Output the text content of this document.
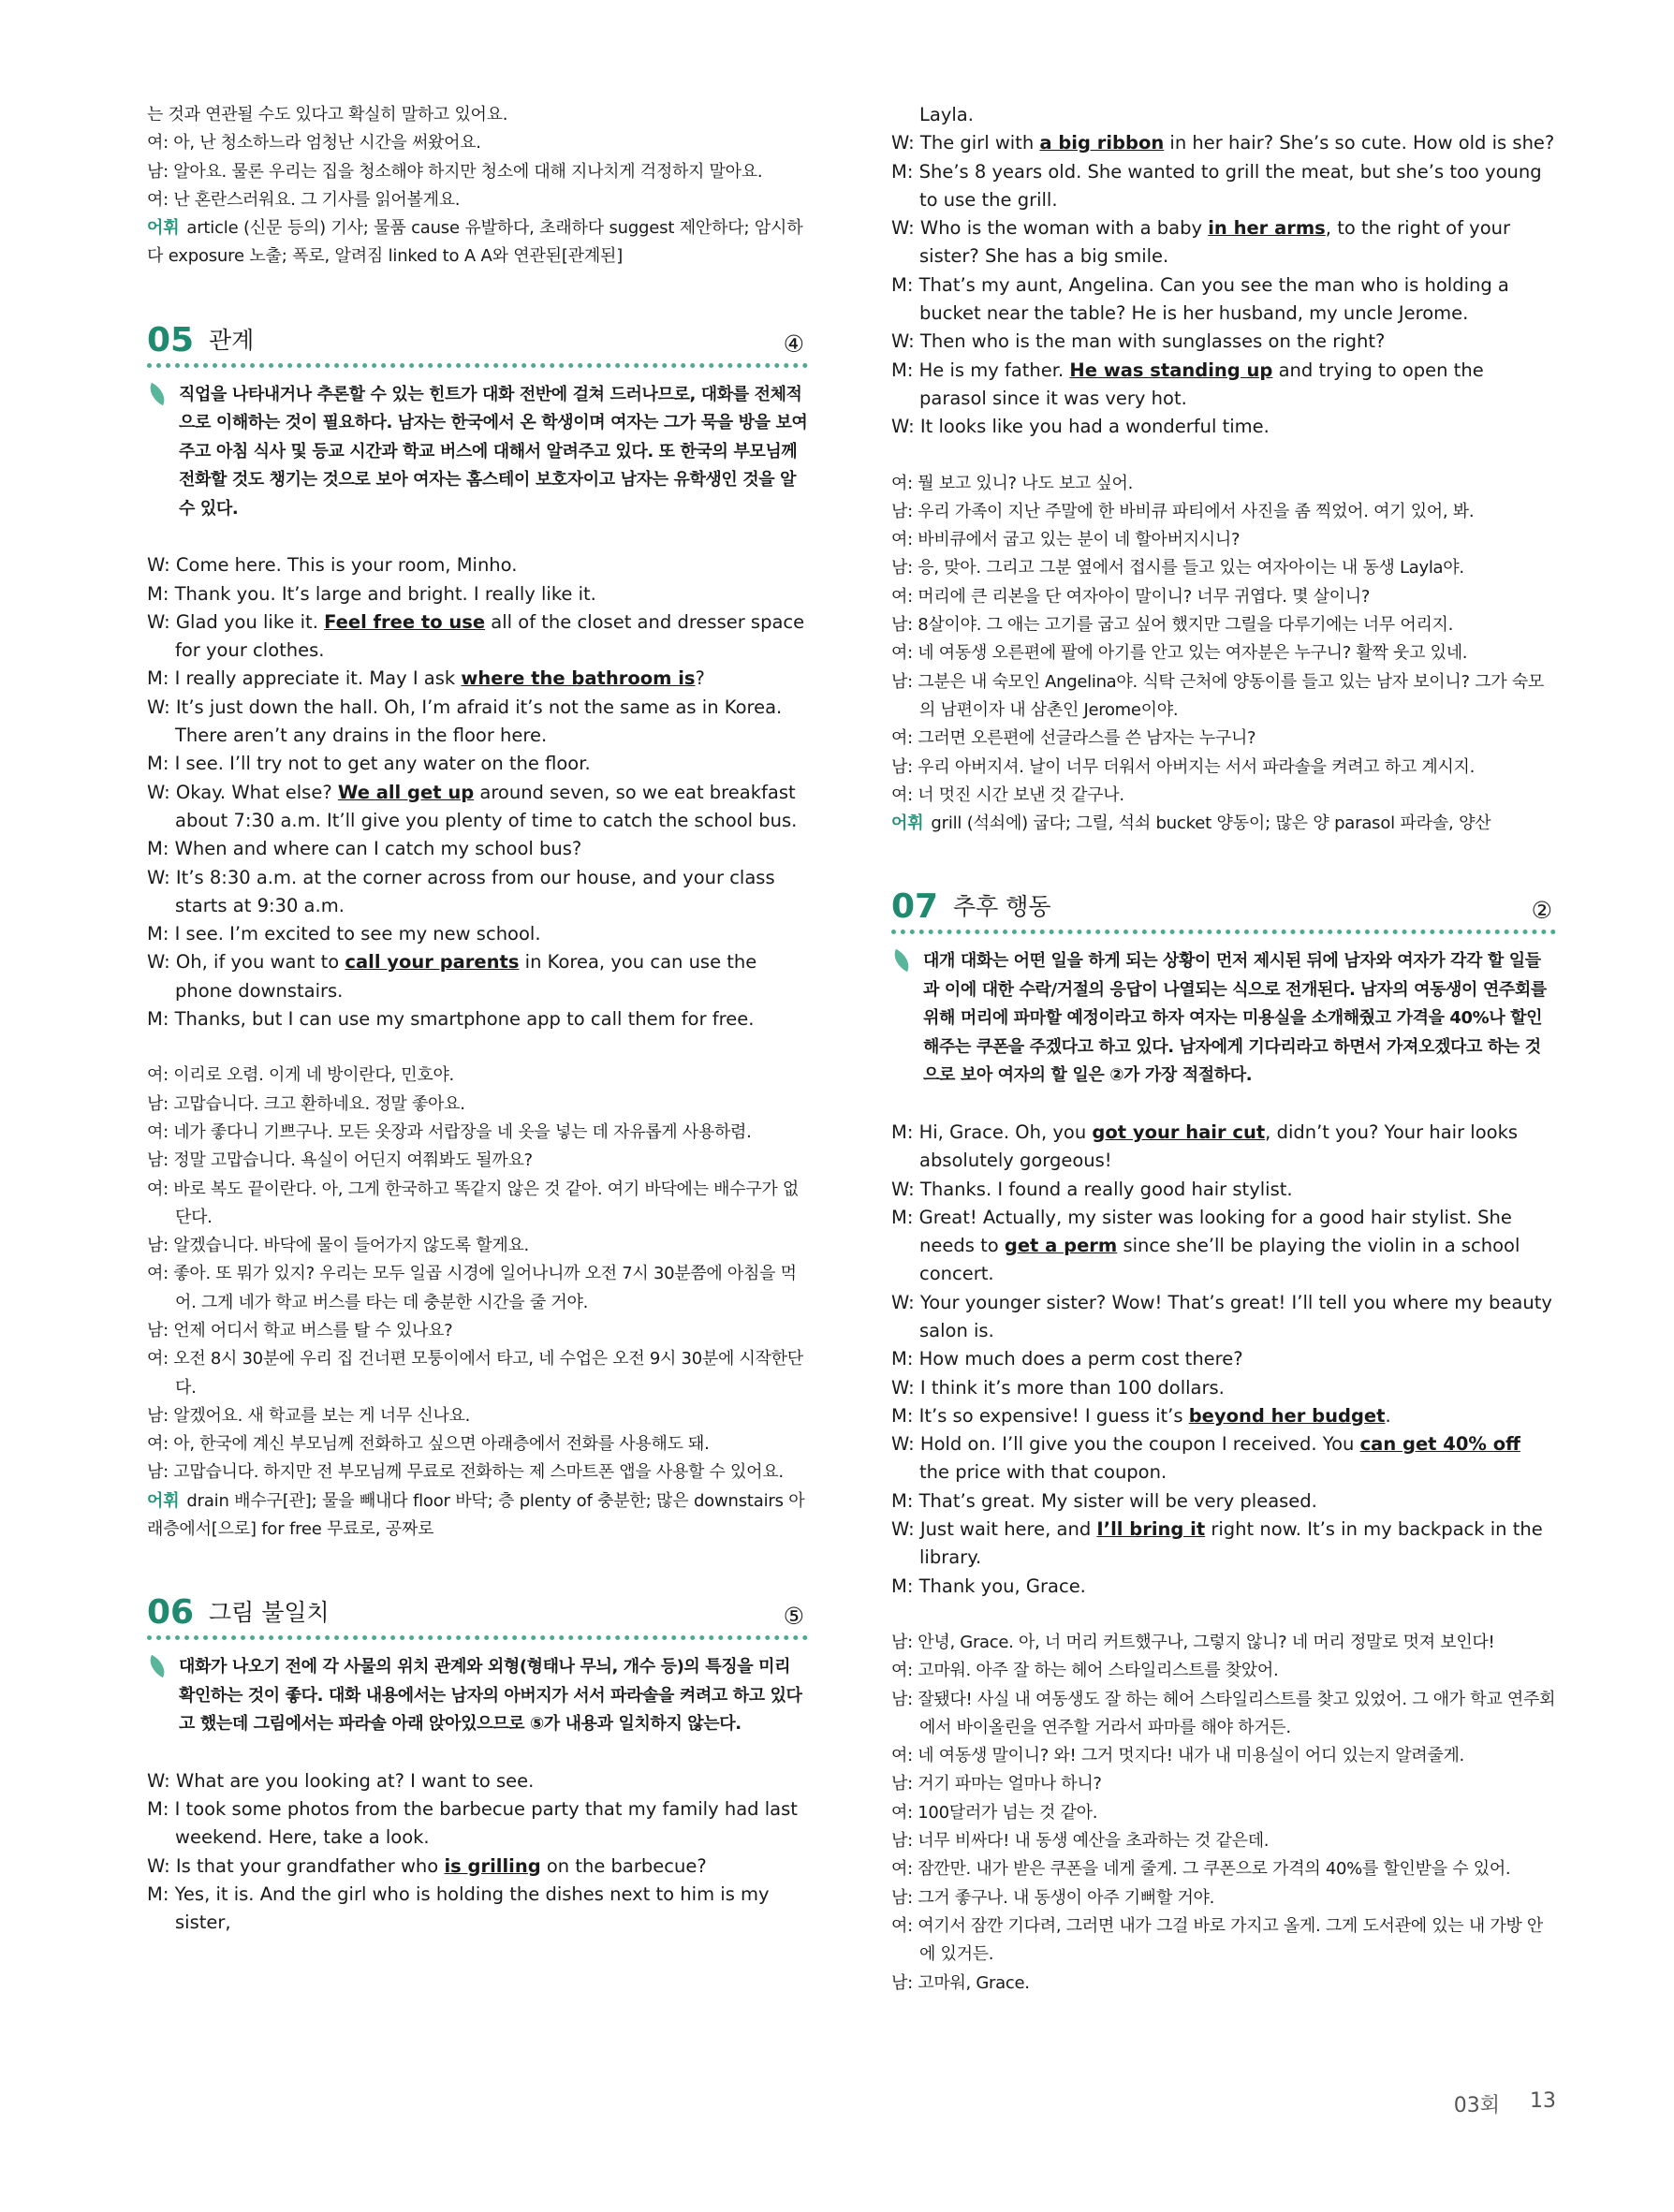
는 것과 연관될 수도 있다고 확실히 말하고 있어요.
여: 아, 난 청소하느라 엄청난 시간을 써왔어요.
남: 알아요. 물론 우리는 집을 청소해야 하지만 청소에 대해 지나치게 걱정하지 말아요.
여: 난 혼란스러워요. 그 기사를 읽어볼게요.
어휘 article (신문 등의) 기사; 물품 cause 유발하다, 초래하다 suggest 제안하다; 암시하다 exposure 노출; 폭로, 알려짐 linked to A A와 연관된[관계된]
05 관계	④
직업을 나타내거나 추론할 수 있는 힌트가 대화 전반에 걸쳐 드러나므로, 대화를 전체적으로 이해하는 것이 필요하다. 남자는 한국에서 온 학생이며 여자는 그가 묵을 방을 보여주고 아침 식사 및 등교 시간과 학교 버스에 대해서 알려주고 있다. 또 한국의 부모님께 전화할 것도 챙기는 것으로 보아 여자는 홈스테이 보호자이고 남자는 유학생인 것을 알 수 있다.
W: Come here. This is your room, Minho.
M: Thank you. It’s large and bright. I really like it.
W: Glad you like it. Feel free to use all of the closet and dresser space for your clothes.
M: I really appreciate it. May I ask where the bathroom is?
W: It’s just down the hall. Oh, I’m afraid it’s not the same as in Korea. There aren’t any drains in the floor here.
M: I see. I’ll try not to get any water on the floor.
W: Okay. What else? We all get up around seven, so we eat breakfast about 7:30 a.m. It’ll give you plenty of time to catch the school bus.
M: When and where can I catch my school bus?
W: It’s 8:30 a.m. at the corner across from our house, and your class starts at 9:30 a.m.
M: I see. I’m excited to see my new school.
W: Oh, if you want to call your parents in Korea, you can use the phone downstairs.
M: Thanks, but I can use my smartphone app to call them for free.
여: 이리로 오렴. 이게 네 방이란다, 민호야.
남: 고맙습니다. 크고 환하네요. 정말 좋아요.
여: 네가 좋다니 기쁘구나. 모든 옷장과 서랍장을 네 옷을 넣는 데 자유롭게 사용하렴.
남: 정말 고맙습니다. 욕실이 어딘지 여쭤봐도 될까요?
여: 바로 복도 끝이란다. 아, 그게 한국하고 똑같지 않은 것 같아. 여기 바닥에는 배수구가 없단다.
남: 알겠습니다. 바닥에 물이 들어가지 않도록 할게요.
여: 좋아. 또 뭐가 있지? 우리는 모두 일곱 시경에 일어나니까 오전 7시 30분쯤에 아침을 먹어. 그게 네가 학교 버스를 타는 데 충분한 시간을 줄 거야.
남: 언제 어디서 학교 버스를 탈 수 있나요?
여: 오전 8시 30분에 우리 집 건너편 모퉁이에서 타고, 네 수업은 오전 9시 30분에 시작한단다.
남: 알겠어요. 새 학교를 보는 게 너무 신나요.
여: 아, 한국에 계신 부모님께 전화하고 싶으면 아래층에서 전화를 사용해도 돼.
남: 고맙습니다. 하지만 전 부모님께 무료로 전화하는 제 스마트폰 앱을 사용할 수 있어요.
어휘 drain 배수구[관]; 물을 빼내다 floor 바닥; 층 plenty of 충분한; 많은 downstairs 아래층에서[으로] for free 무료로, 공짜로
06 그림 불일치	⑤
대화가 나오기 전에 각 사물의 위치 관계와 외형(형태나 무늬, 개수 등)의 특징을 미리 확인하는 것이 좋다. 대화 내용에서는 남자의 아버지가 서서 파라솔을 켜려고 하고 있다고 했는데 그림에서는 파라솔 아래 앉아있으므로 ⑤가 내용과 일치하지 않는다.
W: What are you looking at? I want to see.
M: I took some photos from the barbecue party that my family had last weekend. Here, take a look.
W: Is that your grandfather who is grilling on the barbecue?
M: Yes, it is. And the girl who is holding the dishes next to him is my sister,
Layla.
W: The girl with a big ribbon in her hair? She’s so cute. How old is she?
M: She’s 8 years old. She wanted to grill the meat, but she’s too young to use the grill.
W: Who is the woman with a baby in her arms, to the right of your sister? She has a big smile.
M: That’s my aunt, Angelina. Can you see the man who is holding a bucket near the table? He is her husband, my uncle Jerome.
W: Then who is the man with sunglasses on the right?
M: He is my father. He was standing up and trying to open the parasol since it was very hot.
W: It looks like you had a wonderful time.
여: 뭘 보고 있니? 나도 보고 싶어.
남: 우리 가족이 지난 주말에 한 바비큐 파티에서 사진을 좀 찍었어. 여기 있어, 봐.
여: 바비큐에서 굽고 있는 분이 네 할아버지시니?
남: 응, 맞아. 그리고 그분 옆에서 접시를 들고 있는 여자아이는 내 동생 Layla야.
여: 머리에 큰 리본을 단 여자아이 말이니? 너무 귀엽다. 몇 살이니?
남: 8살이야. 그 애는 고기를 굽고 싶어 했지만 그릴을 다루기에는 너무 어리지.
여: 네 여동생 오른편에 팔에 아기를 안고 있는 여자분은 누구니? 활짝 웃고 있네.
남: 그분은 내 숙모인 Angelina야. 식탁 근처에 양동이를 들고 있는 남자 보이니? 그가 숙모의 남편이자 내 삼촌인 Jerome이야.
여: 그러면 오른편에 선글라스를 쓴 남자는 누구니?
남: 우리 아버지셔. 날이 너무 더워서 아버지는 서서 파라솔을 켜려고 하고 계시지.
여: 너 멋진 시간 보낸 것 같구나.
어휘 grill (석쇠에) 굽다; 그릴, 석쇠 bucket 양동이; 많은 양 parasol 파라솔, 양산
07 추후 행동	②
대개 대화는 어떤 일을 하게 되는 상황이 먼저 제시된 뒤에 남자와 여자가 각각 할 일들과 이에 대한 수락/거절의 응답이 나열되는 식으로 전개된다. 남자의 여동생이 연주회를 위해 머리에 파마할 예정이라고 하자 여자는 미용실을 소개해줬고 가격을 40%나 할인해주는 쿠폰을 주겠다고 하고 있다. 남자에게 기다리라고 하면서 가져오겠다고 하는 것으로 보아 여자의 할 일은 ②가 가장 적절하다.
M: Hi, Grace. Oh, you got your hair cut, didn’t you? Your hair looks absolutely gorgeous!
W: Thanks. I found a really good hair stylist.
M: Great! Actually, my sister was looking for a good hair stylist. She needs to get a perm since she’ll be playing the violin in a school concert.
W: Your younger sister? Wow! That’s great! I’ll tell you where my beauty salon is.
M: How much does a perm cost there?
W: I think it’s more than 100 dollars.
M: It’s so expensive! I guess it’s beyond her budget.
W: Hold on. I’ll give you the coupon I received. You can get 40% off the price with that coupon.
M: That’s great. My sister will be very pleased.
W: Just wait here, and I’ll bring it right now. It’s in my backpack in the library.
M: Thank you, Grace.
남: 안녕, Grace. 아, 너 머리 커트했구나, 그렇지 않니? 네 머리 정말로 멋져 보인다!
여: 고마워. 아주 잘 하는 헤어 스타일리스트를 찾았어.
남: 잘됐다! 사실 내 여동생도 잘 하는 헤어 스타일리스트를 찾고 있었어. 그 애가 학교 연주회에서 바이올린을 연주할 거라서 파마를 해야 하거든.
여: 네 여동생 말이니? 와! 그거 멋지다! 내가 내 미용실이 어디 있는지 알려줄게.
남: 거기 파마는 얼마나 하니?
여: 100달러가 넘는 것 같아.
남: 너무 비싸다! 내 동생 예산을 초과하는 것 같은데.
여: 잠깐만. 내가 받은 쿠폰을 네게 줄게. 그 쿠폰으로 가격의 40%를 할인받을 수 있어.
남: 그거 좋구나. 내 동생이 아주 기뻐할 거야.
여: 여기서 잠깐 기다려, 그러면 내가 그걸 바로 가지고 올게. 그게 도서관에 있는 내 가방 안에 있거든.
남: 고마워, Grace.
03회 13
